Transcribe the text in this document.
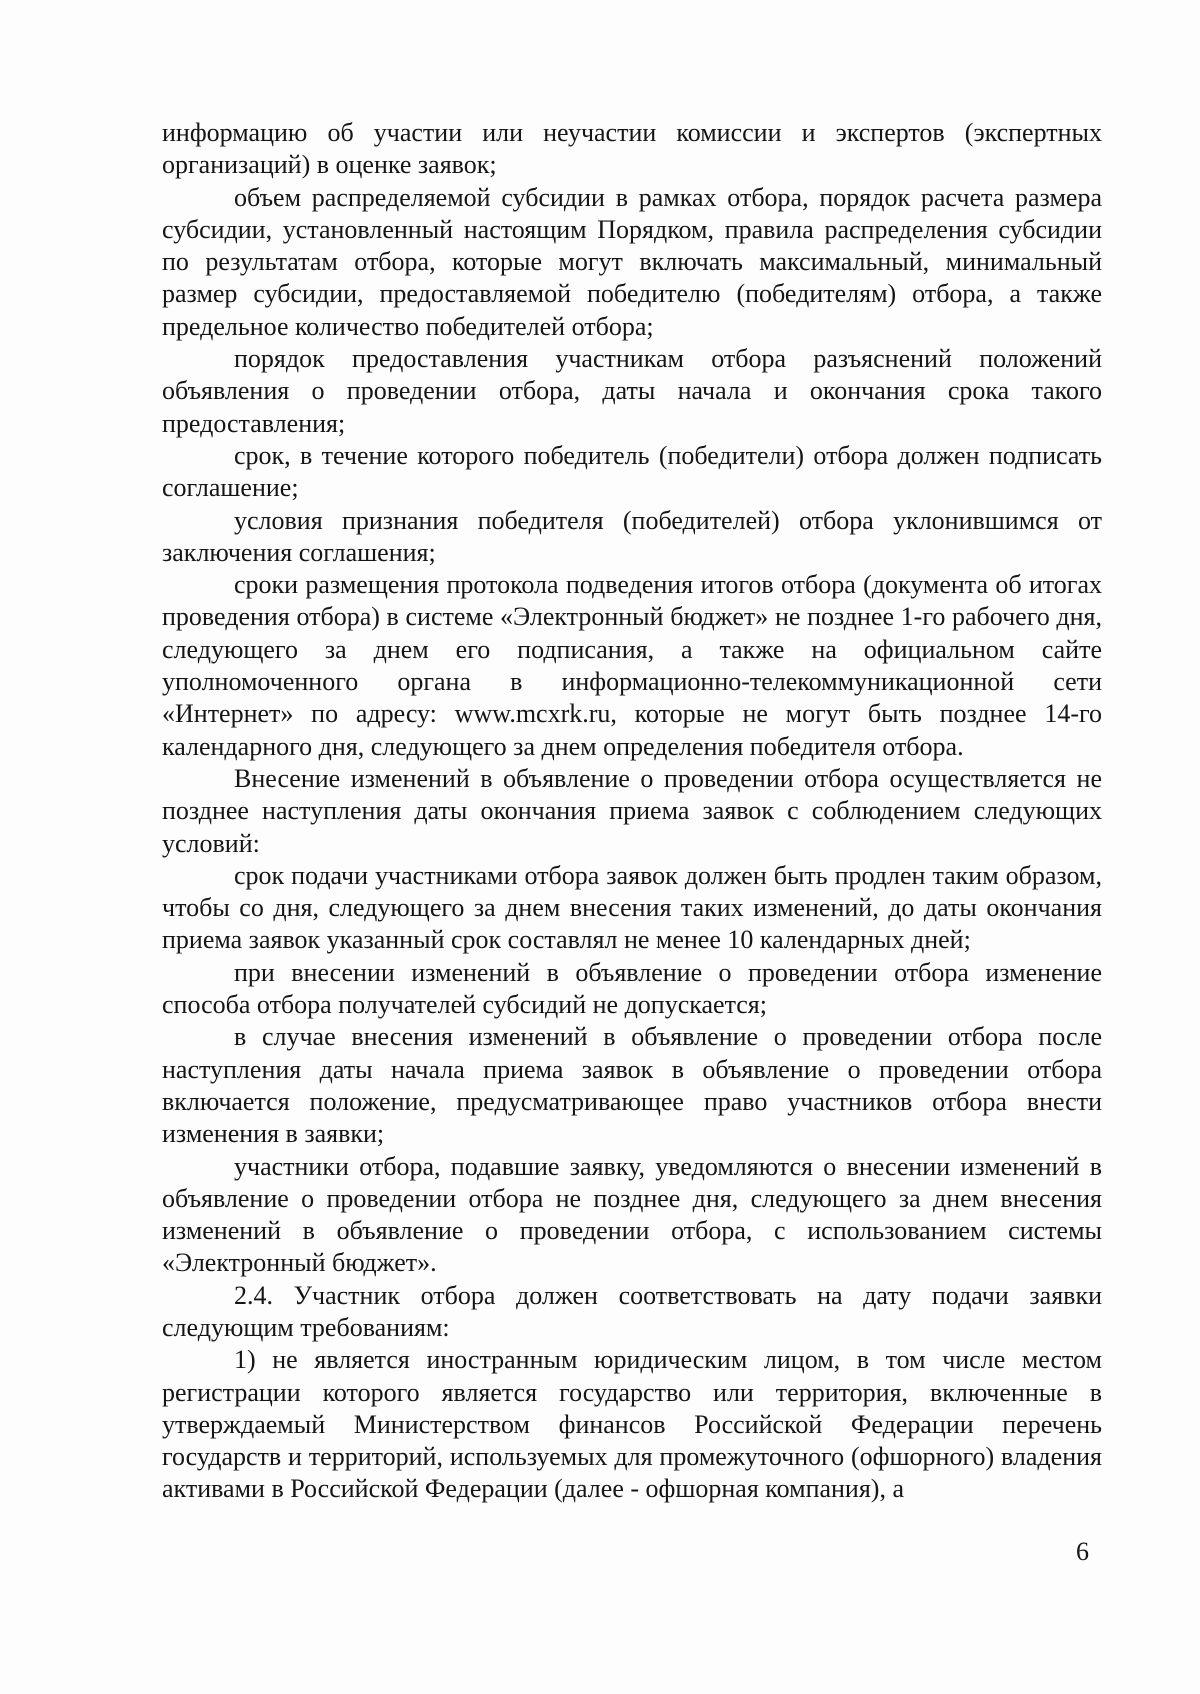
информацию об участии или неучастии комиссии и экспертов (экспертных организаций) в оценке заявок;

объем распределяемой субсидии в рамках отбора, порядок расчета размера субсидии, установленный настоящим Порядком, правила распределения субсидии по результатам отбора, которые могут включать максимальный, минимальный размер субсидии, предоставляемой победителю (победителям) отбора, а также предельное количество победителей отбора;

порядок предоставления участникам отбора разъяснений положений объявления о проведении отбора, даты начала и окончания срока такого предоставления;

срок, в течение которого победитель (победители) отбора должен подписать соглашение;

условия признания победителя (победителей) отбора уклонившимся от заключения соглашения;

сроки размещения протокола подведения итогов отбора (документа об итогах проведения отбора) в системе «Электронный бюджет» не позднее 1-го рабочего дня, следующего за днем его подписания, а также на официальном сайте уполномоченного органа в информационно-телекоммуникационной сети «Интернет» по адресу: www.mcxrk.ru, которые не могут быть позднее 14-го календарного дня, следующего за днем определения победителя отбора.

Внесение изменений в объявление о проведении отбора осуществляется не позднее наступления даты окончания приема заявок с соблюдением следующих условий:

срок подачи участниками отбора заявок должен быть продлен таким образом, чтобы со дня, следующего за днем внесения таких изменений, до даты окончания приема заявок указанный срок составлял не менее 10 календарных дней;

при внесении изменений в объявление о проведении отбора изменение способа отбора получателей субсидий не допускается;

в случае внесения изменений в объявление о проведении отбора после наступления даты начала приема заявок в объявление о проведении отбора включается положение, предусматривающее право участников отбора внести изменения в заявки;

участники отбора, подавшие заявку, уведомляются о внесении изменений в объявление о проведении отбора не позднее дня, следующего за днем внесения изменений в объявление о проведении отбора, с использованием системы «Электронный бюджет».

2.4. Участник отбора должен соответствовать на дату подачи заявки следующим требованиям:

1) не является иностранным юридическим лицом, в том числе местом регистрации которого является государство или территория, включенные в утверждаемый Министерством финансов Российской Федерации перечень государств и территорий, используемых для промежуточного (офшорного) владения активами в Российской Федерации (далее - офшорная компания), а

6
